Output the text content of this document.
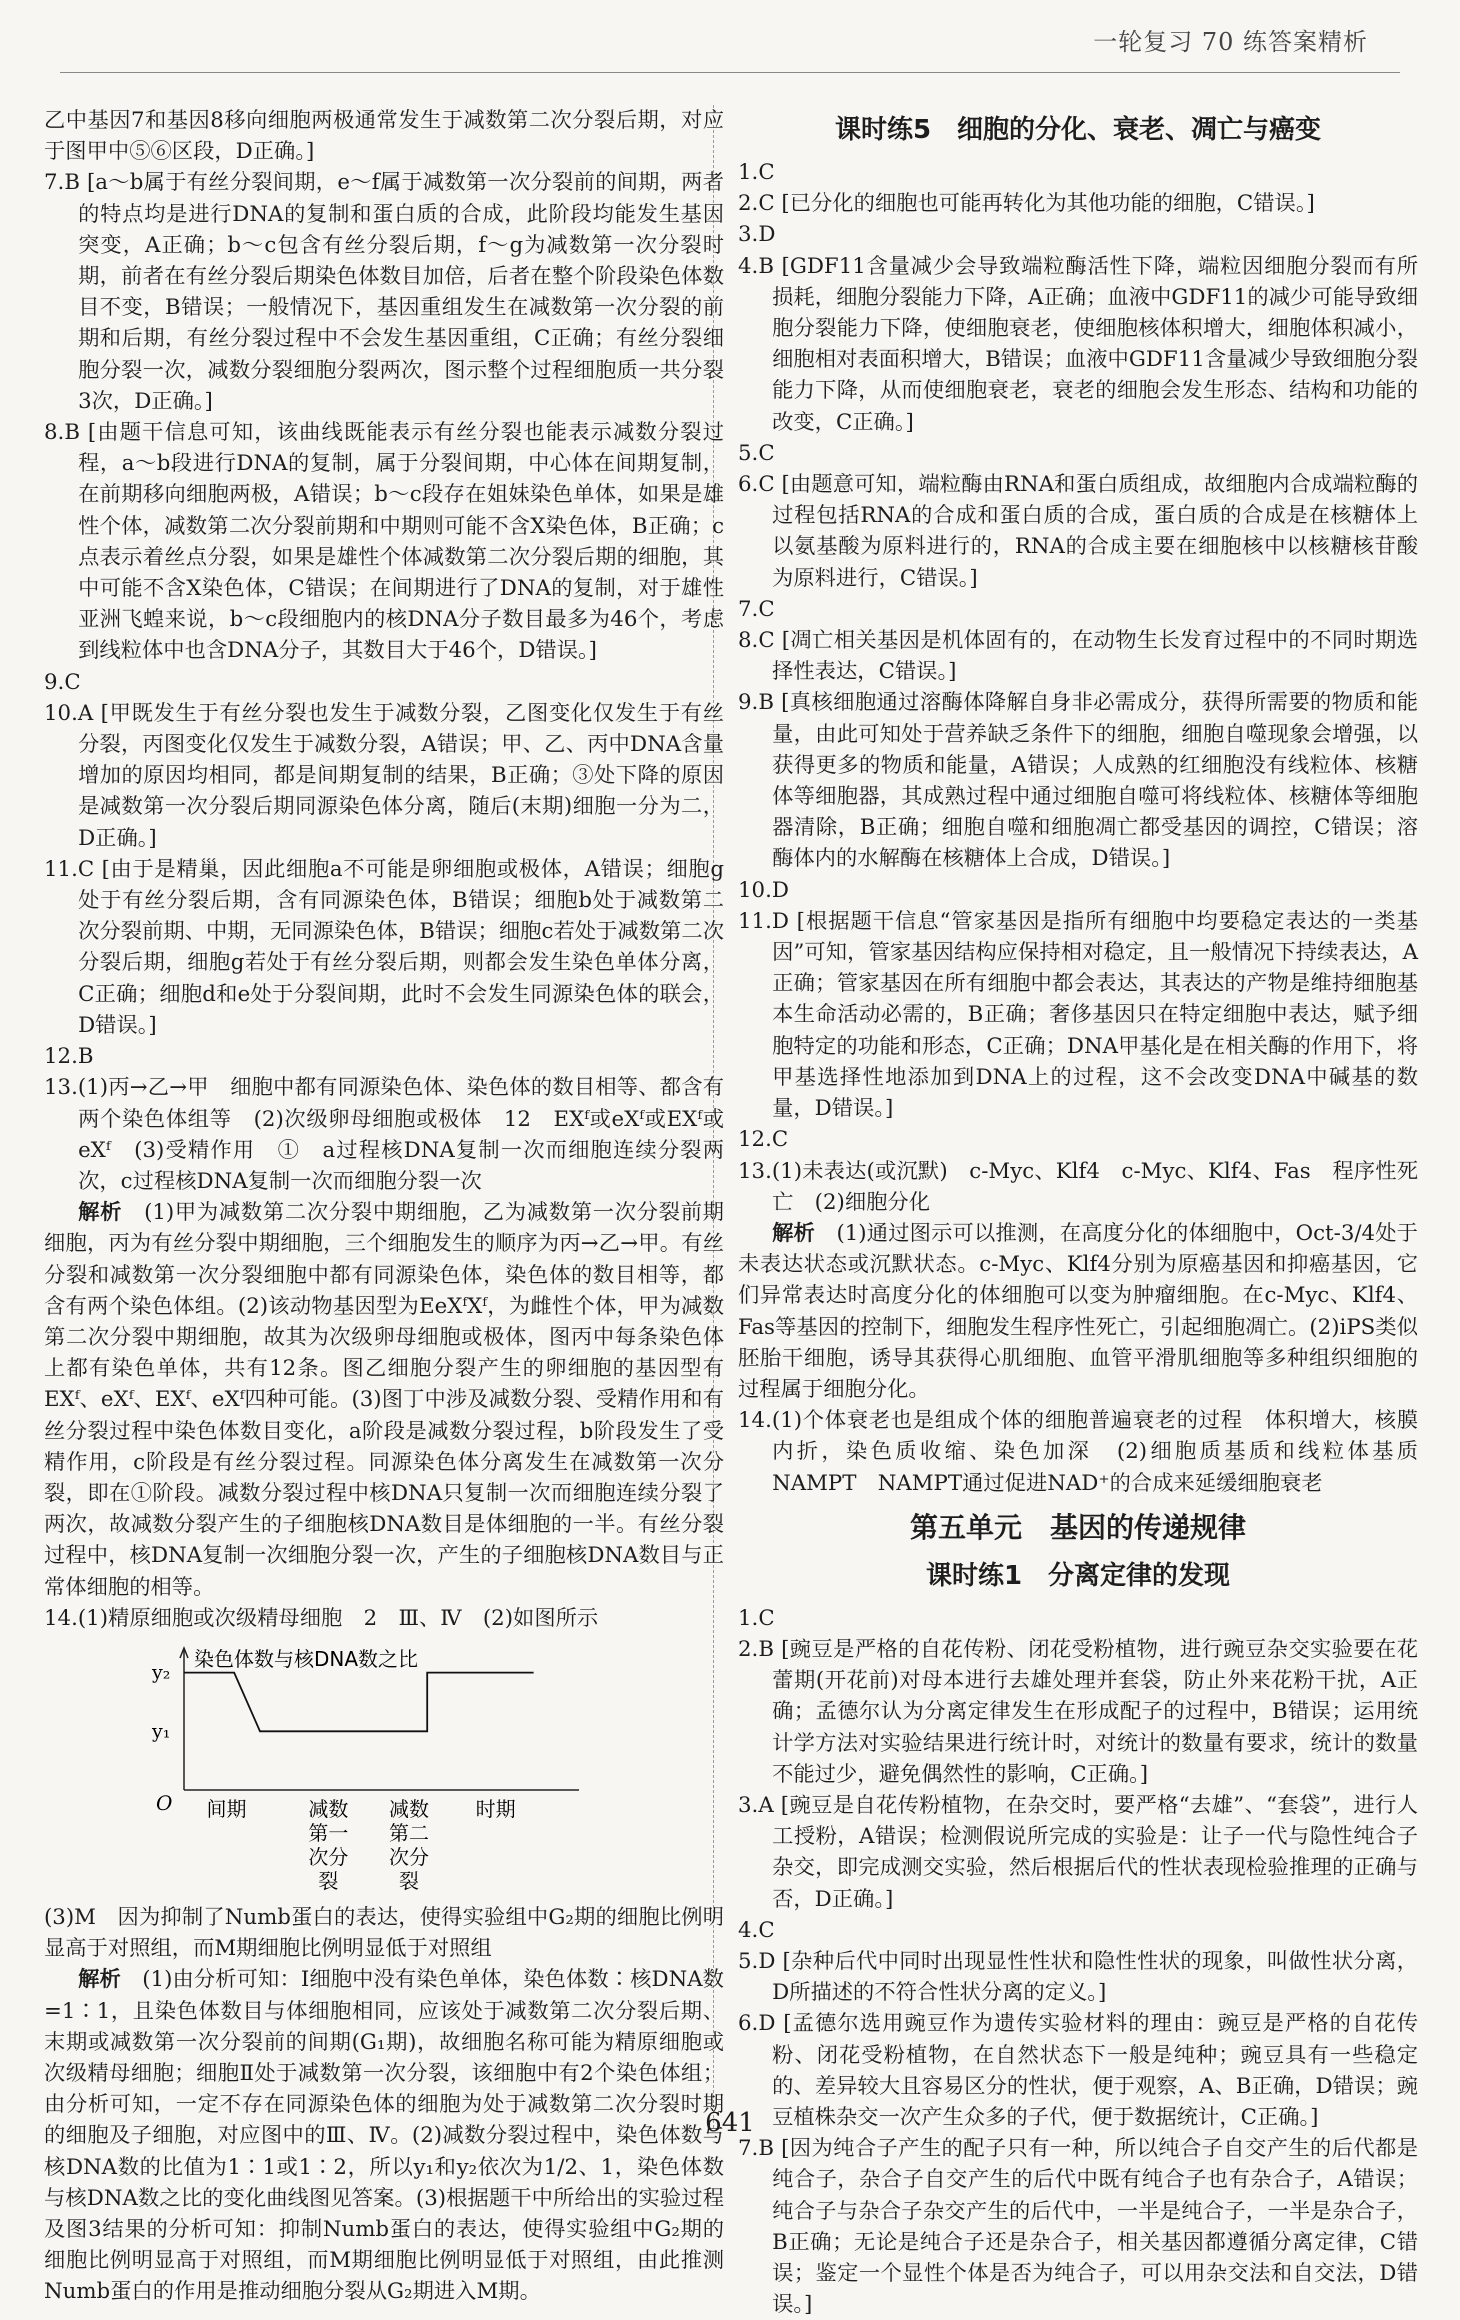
一轮复习 70 练答案精析

乙中基因7和基因8移向细胞两极通常发生于减数第二次分裂后期，对应于图甲中⑤⑥区段，D正确。]

7.B [a～b属于有丝分裂间期，e～f属于减数第一次分裂前的间期，两者的特点均是进行DNA的复制和蛋白质的合成，此阶段均能发生基因突变，A正确；b～c包含有丝分裂后期，f～g为减数第一次分裂时期，前者在有丝分裂后期染色体数目加倍，后者在整个阶段染色体数目不变，B错误；一般情况下，基因重组发生在减数第一次分裂的前期和后期，有丝分裂过程中不会发生基因重组，C正确；有丝分裂细胞分裂一次，减数分裂细胞分裂两次，图示整个过程细胞质一共分裂3次，D正确。]

8.B [由题干信息可知，该曲线既能表示有丝分裂也能表示减数分裂过程，a～b段进行DNA的复制，属于分裂间期，中心体在间期复制，在前期移向细胞两极，A错误；b～c段存在姐妹染色单体，如果是雄性个体，减数第二次分裂前期和中期则可能不含X染色体，B正确；c点表示着丝点分裂，如果是雄性个体减数第二次分裂后期的细胞，其中可能不含X染色体，C错误；在间期进行了DNA的复制，对于雄性亚洲飞蝗来说，b～c段细胞内的核DNA分子数目最多为46个，考虑到线粒体中也含DNA分子，其数目大于46个，D错误。]

9.C

10.A [甲既发生于有丝分裂也发生于减数分裂，乙图变化仅发生于有丝分裂，丙图变化仅发生于减数分裂，A错误；甲、乙、丙中DNA含量增加的原因均相同，都是间期复制的结果，B正确；③处下降的原因是减数第一次分裂后期同源染色体分离，随后(末期)细胞一分为二，D正确。]

11.C [由于是精巢，因此细胞a不可能是卵细胞或极体，A错误；细胞g处于有丝分裂后期，含有同源染色体，B错误；细胞b处于减数第二次分裂前期、中期，无同源染色体，B错误；细胞c若处于减数第二次分裂后期，细胞g若处于有丝分裂后期，则都会发生染色单体分离，C正确；细胞d和e处于分裂间期，此时不会发生同源染色体的联会，D错误。]

12.B

13.(1)丙→乙→甲　细胞中都有同源染色体、染色体的数目相等、都含有两个染色体组等　(2)次级卵母细胞或极体　12　EXᶠ或eXᶠ或EXᶠ或eXᶠ　(3)受精作用　①　a过程核DNA复制一次而细胞连续分裂两次，c过程核DNA复制一次而细胞分裂一次

解析　 (1)甲为减数第二次分裂中期细胞，乙为减数第一次分裂前期细胞，丙为有丝分裂中期细胞，三个细胞发生的顺序为丙→乙→甲。有丝分裂和减数第一次分裂细胞中都有同源染色体，染色体的数目相等，都含有两个染色体组。(2)该动物基因型为EeXᶠXᶠ，为雌性个体，甲为减数第二次分裂中期细胞，故其为次级卵母细胞或极体，图丙中每条染色体上都有染色单体，共有12条。图乙细胞分裂产生的卵细胞的基因型有EXᶠ、eXᶠ、EXᶠ、eXᶠ四种可能。(3)图丁中涉及减数分裂、受精作用和有丝分裂过程中染色体数目变化，a阶段是减数分裂过程，b阶段发生了受精作用，c阶段是有丝分裂过程。同源染色体分离发生在减数第一次分裂，即在①阶段。减数分裂过程中核DNA只复制一次而细胞连续分裂了两次，故减数分裂产生的子细胞核DNA数目是体细胞的一半。有丝分裂过程中，核DNA复制一次细胞分裂一次，产生的子细胞核DNA数目与正常体细胞的相等。

14.(1)精原细胞或次级精母细胞　2　Ⅲ、Ⅳ　(2)如图所示

染色体数与核DNA数之比
O
y₂
y₁
间期	减数
第一
次分
裂
减数
第二
次分
裂
时期

(3)M　因为抑制了Numb蛋白的表达，使得实验组中G₂期的细胞比例明显高于对照组，而M期细胞比例明显低于对照组

解析　 (1)由分析可知：Ⅰ细胞中没有染色单体，染色体数∶核DNA数=1∶1，且染色体数目与体细胞相同，应该处于减数第二次分裂后期、末期或减数第一次分裂前的间期(G₁期)，故细胞名称可能为精原细胞或次级精母细胞；细胞Ⅱ处于减数第一次分裂，该细胞中有2个染色体组；由分析可知，一定不存在同源染色体的细胞为处于减数第二次分裂时期的细胞及子细胞，对应图中的Ⅲ、Ⅳ。(2)减数分裂过程中，染色体数与核DNA数的比值为1∶1或1∶2，所以y₁和y₂依次为1/2、1，染色体数与核DNA数之比的变化曲线图见答案。(3)根据题干中所给出的实验过程及图3结果的分析可知：抑制Numb蛋白的表达，使得实验组中G₂期的细胞比例明显高于对照组，而M期细胞比例明显低于对照组，由此推测Numb蛋白的作用是推动细胞分裂从G₂期进入M期。

课时练5　细胞的分化、衰老、凋亡与癌变

1.C

2.C [已分化的细胞也可能再转化为其他功能的细胞，C错误。]

3.D

4.B [GDF11含量减少会导致端粒酶活性下降，端粒因细胞分裂而有所损耗，细胞分裂能力下降，A正确；血液中GDF11的减少可能导致细胞分裂能力下降，使细胞衰老，使细胞核体积增大，细胞体积减小，细胞相对表面积增大，B错误；血液中GDF11含量减少导致细胞分裂能力下降，从而使细胞衰老，衰老的细胞会发生形态、结构和功能的改变，C正确。]

5.C

6.C [由题意可知，端粒酶由RNA和蛋白质组成，故细胞内合成端粒酶的过程包括RNA的合成和蛋白质的合成，蛋白质的合成是在核糖体上以氨基酸为原料进行的，RNA的合成主要在细胞核中以核糖核苷酸为原料进行，C错误。]

7.C

8.C [凋亡相关基因是机体固有的，在动物生长发育过程中的不同时期选择性表达，C错误。]

9.B [真核细胞通过溶酶体降解自身非必需成分，获得所需要的物质和能量，由此可知处于营养缺乏条件下的细胞，细胞自噬现象会增强，以获得更多的物质和能量，A错误；人成熟的红细胞没有线粒体、核糖体等细胞器，其成熟过程中通过细胞自噬可将线粒体、核糖体等细胞器清除，B正确；细胞自噬和细胞凋亡都受基因的调控，C错误；溶酶体内的水解酶在核糖体上合成，D错误。]

10.D

11.D [根据题干信息“管家基因是指所有细胞中均要稳定表达的一类基因”可知，管家基因结构应保持相对稳定，且一般情况下持续表达，A正确；管家基因在所有细胞中都会表达，其表达的产物是维持细胞基本生命活动必需的，B正确；奢侈基因只在特定细胞中表达，赋予细胞特定的功能和形态，C正确；DNA甲基化是在相关酶的作用下，将甲基选择性地添加到DNA上的过程，这不会改变DNA中碱基的数量，D错误。]

12.C

13.(1)未表达(或沉默)　c-Myc、Klf4　c-Myc、Klf4、Fas　程序性死亡　(2)细胞分化

解析　 (1)通过图示可以推测，在高度分化的体细胞中，Oct-3/4处于未表达状态或沉默状态。c-Myc、Klf4分别为原癌基因和抑癌基因，它们异常表达时高度分化的体细胞可以变为肿瘤细胞。在c-Myc、Klf4、Fas等基因的控制下，细胞发生程序性死亡，引起细胞凋亡。(2)iPS类似胚胎干细胞，诱导其获得心肌细胞、血管平滑肌细胞等多种组织细胞的过程属于细胞分化。

14.(1)个体衰老也是组成个体的细胞普遍衰老的过程　体积增大，核膜内折，染色质收缩、染色加深　(2)细胞质基质和线粒体基质　NAMPT　NAMPT通过促进NAD⁺的合成来延缓细胞衰老

第五单元　基因的传递规律
课时练1　分离定律的发现

1.C

2.B [豌豆是严格的自花传粉、闭花受粉植物，进行豌豆杂交实验要在花蕾期(开花前)对母本进行去雄处理并套袋，防止外来花粉干扰，A正确；孟德尔认为分离定律发生在形成配子的过程中，B错误；运用统计学方法对实验结果进行统计时，对统计的数量有要求，统计的数量不能过少，避免偶然性的影响，C正确。]

3.A [豌豆是自花传粉植物，在杂交时，要严格“去雄”、“套袋”，进行人工授粉，A错误；检测假说所完成的实验是：让子一代与隐性纯合子杂交，即完成测交实验，然后根据后代的性状表现检验推理的正确与否，D正确。]

4.C

5.D [杂种后代中同时出现显性性状和隐性性状的现象，叫做性状分离，D所描述的不符合性状分离的定义。]

6.D [孟德尔选用豌豆作为遗传实验材料的理由：豌豆是严格的自花传粉、闭花受粉植物，在自然状态下一般是纯种；豌豆具有一些稳定的、差异较大且容易区分的性状，便于观察，A、B正确，D错误；豌豆植株杂交一次产生众多的子代，便于数据统计，C正确。]

7.B [因为纯合子产生的配子只有一种，所以纯合子自交产生的后代都是纯合子，杂合子自交产生的后代中既有纯合子也有杂合子，A错误；纯合子与杂合子杂交产生的后代中，一半是纯合子，一半是杂合子，B正确；无论是纯合子还是杂合子，相关基因都遵循分离定律，C错误；鉴定一个显性个体是否为纯合子，可以用杂交法和自交法，D错误。]

641
